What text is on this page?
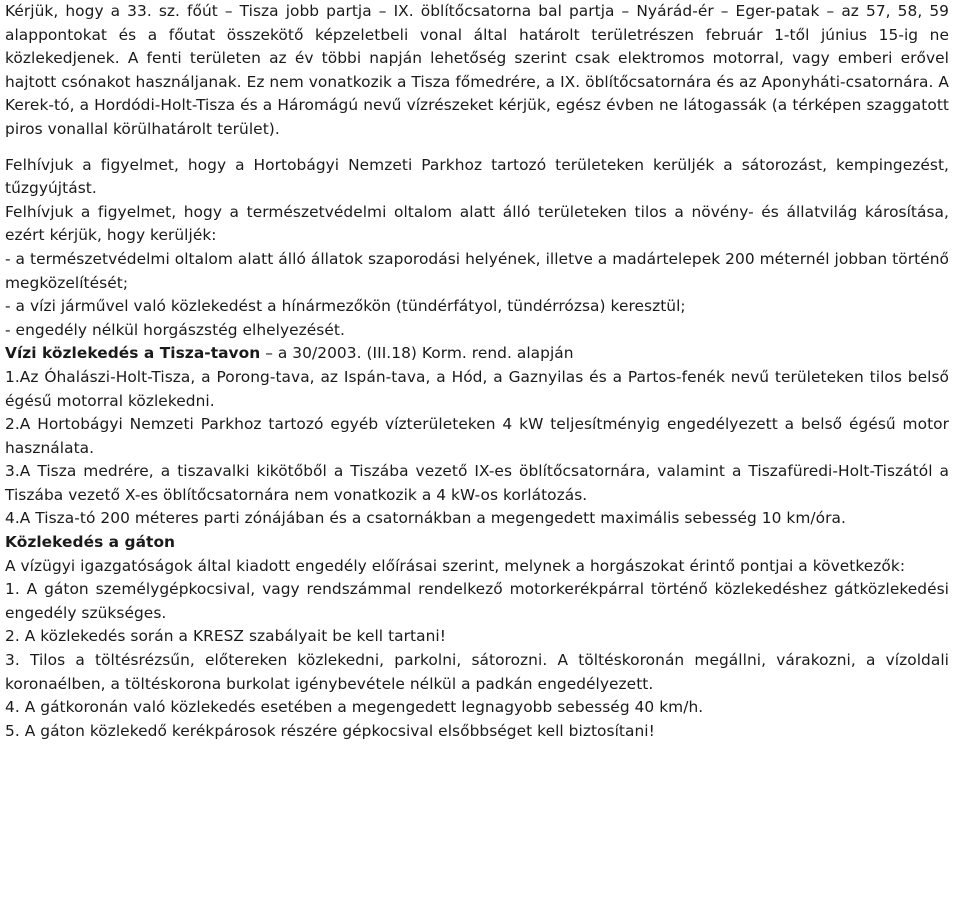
Kérjük, hogy a 33. sz. főút – Tisza jobb partja – IX. öblítőcsatorna bal partja – Nyárád-ér – Eger-patak – az 57, 58, 59 alappontokat és a főutat összekötő képzeletbeli vonal által határolt területrészen február 1-től június 15-ig ne közlekedjenek. A fenti területen az év többi napján lehetőség szerint csak elektromos motorral, vagy emberi erővel hajtott csónakot használjanak. Ez nem vonatkozik a Tisza főmedrére, a IX. öblítőcsatornára és az Aponyháti-csatornára. A Kerek-tó, a Hordódi-Holt-Tisza és a Háromágú nevű vízrészeket kérjük, egész évben ne látogassák (a térképen szaggatott piros vonallal körülhatárolt terület).

Felhívjuk a figyelmet, hogy a Hortobágyi Nemzeti Parkhoz tartozó területeken kerüljék a sátorozást, kempingezést, tűzgyújtást.

Felhívjuk a figyelmet, hogy a természetvédelmi oltalom alatt álló területeken tilos a növény- és állatvilág károsítása, ezért kérjük, hogy kerüljék:

- a természetvédelmi oltalom alatt álló állatok szaporodási helyének, illetve a madártelepek 200 méternél jobban történő megközelítését;

- a vízi járművel való közlekedést a hínármezőkön (tündérfátyol, tündérrózsa) keresztül;

- engedély nélkül horgászstég elhelyezését.

Vízi közlekedés a Tisza-tavon – a 30/2003. (III.18) Korm. rend. alapján

1.Az Óhalászi-Holt-Tisza, a Porong-tava, az Ispán-tava, a Hód, a Gaznyilas és a Partos-fenék nevű területeken tilos belső égésű motorral közlekedni.

2.A Hortobágyi Nemzeti Parkhoz tartozó egyéb vízterületeken 4 kW teljesítményig engedélyezett a belső égésű motor használata.

3.A Tisza medrére, a tiszavalki kikötőből a Tiszába vezető IX-es öblítőcsatornára, valamint a Tiszafüredi-Holt-Tiszától a Tiszába vezető X-es öblítőcsatornára nem vonatkozik a 4 kW-os korlátozás.

4.A Tisza-tó 200 méteres parti zónájában és a csatornákban a megengedett maximális sebesség 10 km/óra.

Közlekedés a gáton

A vízügyi igazgatóságok által kiadott engedély előírásai szerint, melynek a horgászokat érintő pontjai a következők:

1. A gáton személygépkocsival, vagy rendszámmal rendelkező motorkerékpárral történő közlekedéshez gátközlekedési engedély szükséges.

2. A közlekedés során a KRESZ szabályait be kell tartani!

3. Tilos a töltésrézsűn, előtereken közlekedni, parkolni, sátorozni. A töltéskoronán megállni, várakozni, a vízoldali koronaélben, a töltéskorona burkolat igénybevétele nélkül a padkán engedélyezett.

4. A gátkoronán való közlekedés esetében a megengedett legnagyobb sebesség 40 km/h.

5. A gáton közlekedő kerékpárosok részére gépkocsival elsőbbséget kell biztosítani!
